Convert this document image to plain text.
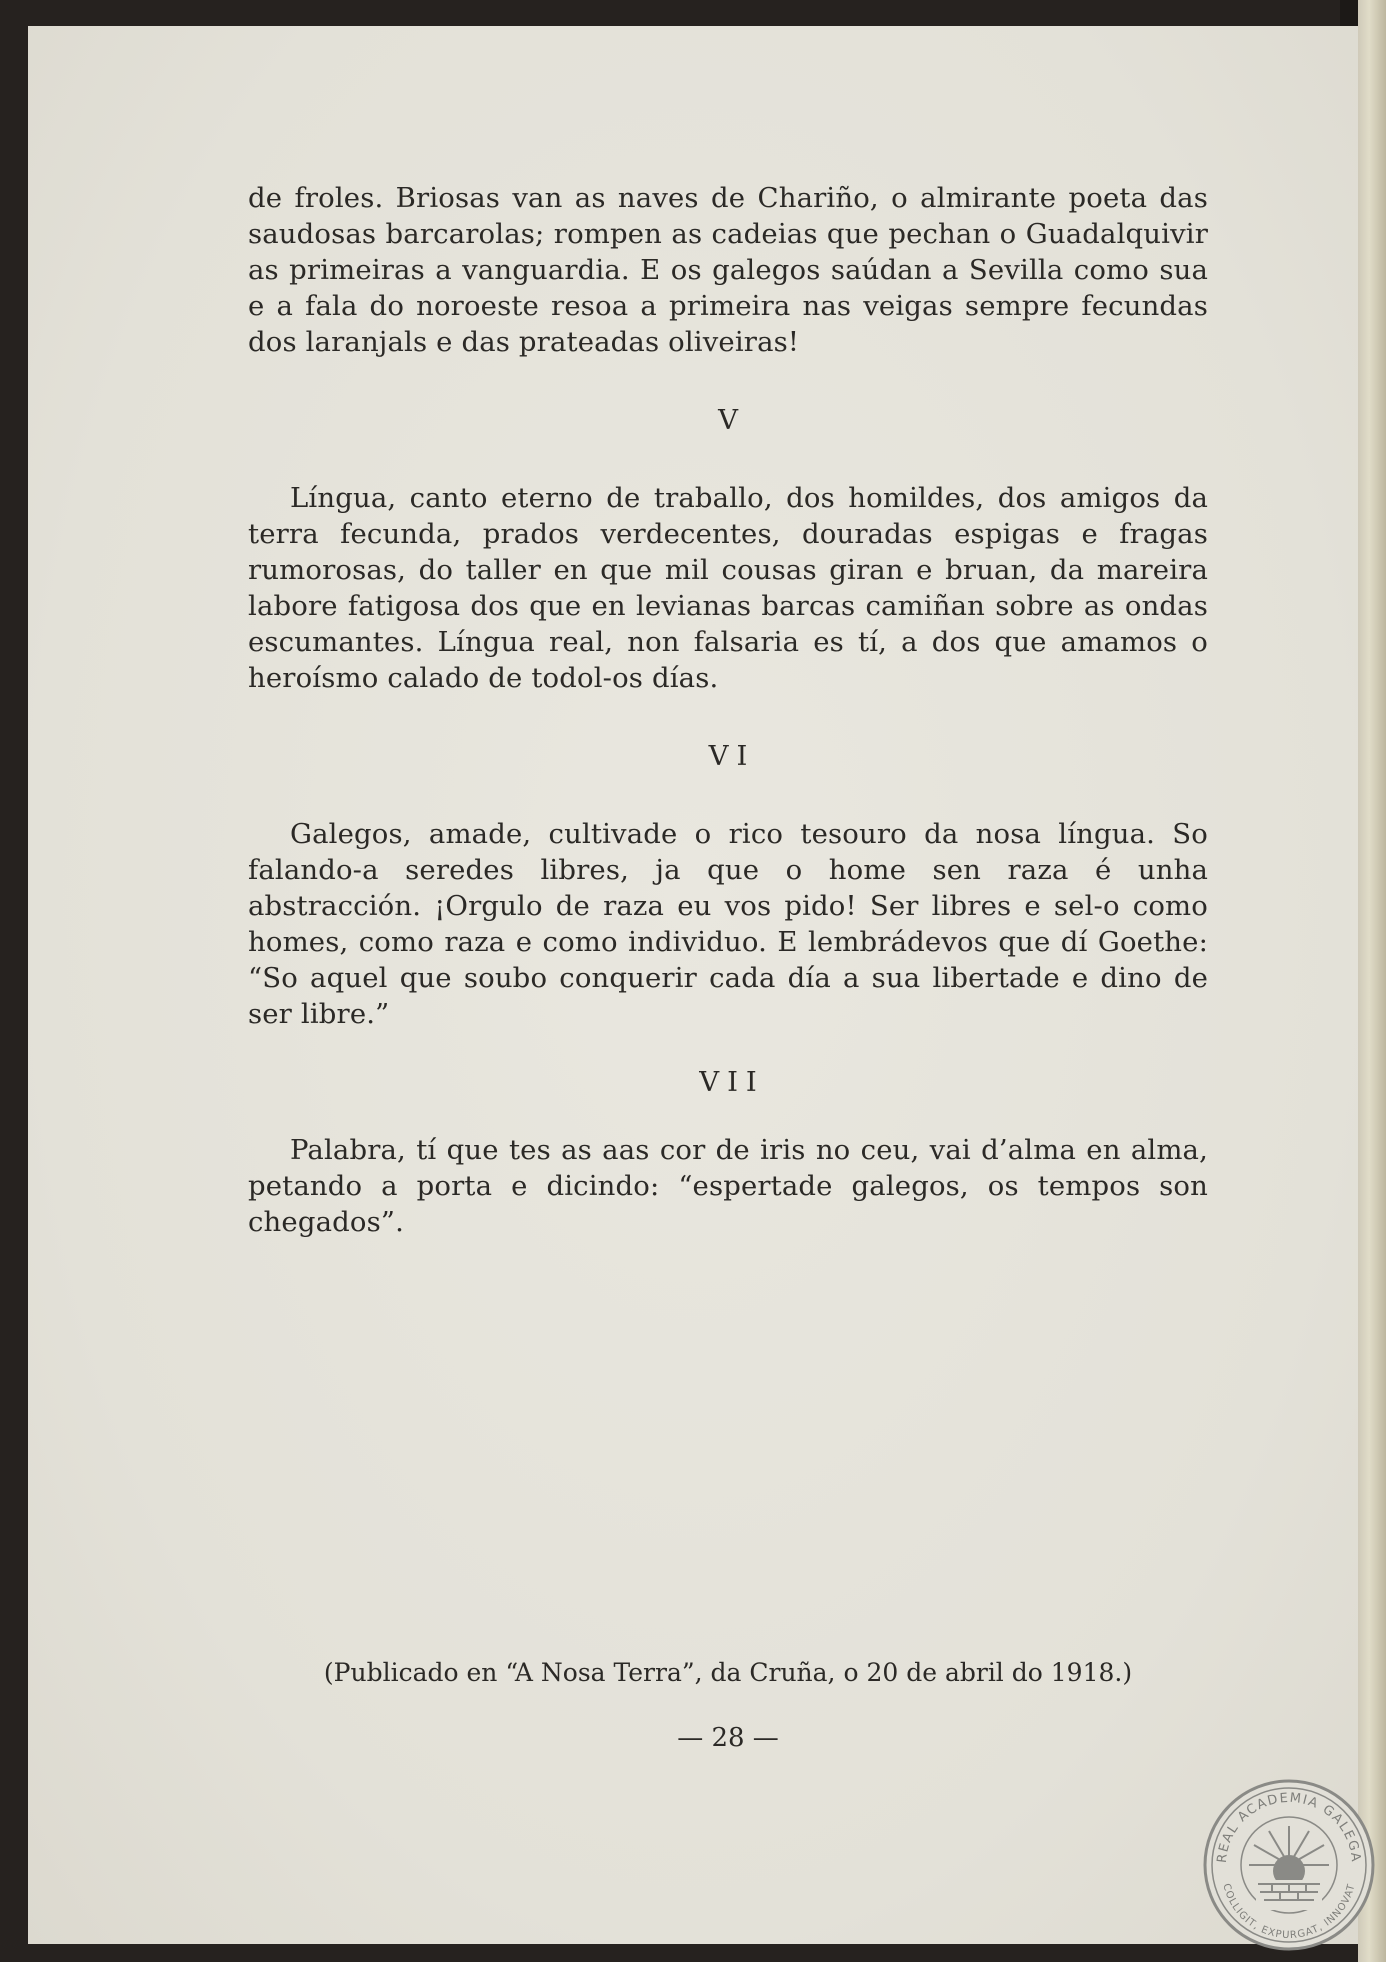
de froles. Briosas van as naves de Chariño, o almirante poeta das saudosas barcarolas; rompen as cadeias que pechan o Guadalquivir as primeiras a vanguardia. E os galegos saúdan a Sevilla como sua e a fala do noroeste resoa a primeira nas veigas sempre fecundas dos laranjals e das prateadas oliveiras!

V

Língua, canto eterno de traballo, dos homildes, dos amigos da terra fecunda, prados verdecentes, douradas espigas e fragas rumorosas, do taller en que mil cousas giran e bruan, da mareira labore fatigosa dos que en levianas barcas camiñan sobre as ondas escumantes. Língua real, non falsaria es tí, a dos que amamos o heroísmo calado de todol-os días.

VI

Galegos, amade, cultivade o rico tesouro da nosa língua. So falando-a seredes libres, ja que o home sen raza é unha abstracción. ¡Orgulo de raza eu vos pido! Ser libres e sel-o como homes, como raza e como individuo. E lembrádevos que dí Goethe: “So aquel que soubo conquerir cada día a sua libertade e dino de ser libre.”

VII

Palabra, tí que tes as aas cor de iris no ceu, vai d’alma en alma, petando a porta e dicindo: “espertade galegos, os tempos son chegados”.

(Publicado en “A Nosa Terra”, da Cruña, o 20 de abril do 1918.)
— 28 —
REAL ACADEMIA GALEGA
COLLIGIT, EXPURGAT, INNOVAT
